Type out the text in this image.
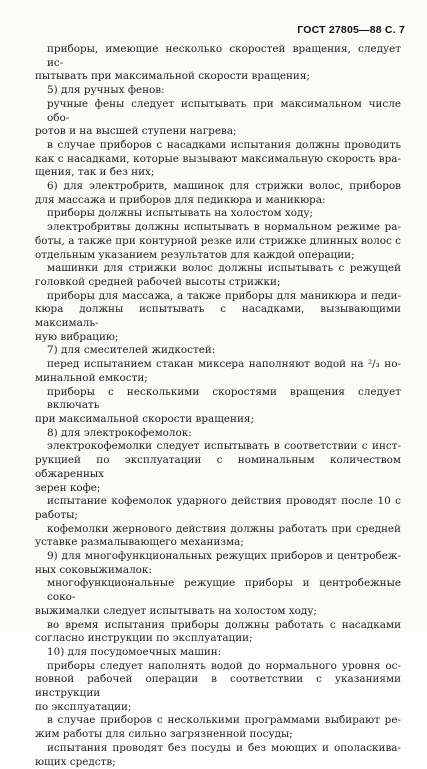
ГОСТ 27805—88 С. 7
приборы, имеющие несколько скоростей вращения, следует ис-
пытывать при максимальной скорости вращения;
5) для ручных фенов:
ручные фены следует испытывать при максимальном числе обо-
ротов и на высшей ступени нагрева;
в случае приборов с насадками испытания должны проводить
как с насадками, которые вызывают максимальную скорость вра-
щения, так и без них;
6) для электробритв, машинок для стрижки волос, приборов
для массажа и приборов для педикюра и маникюра:
приборы должны испытывать на холостом ходу;
электробритвы должны испытывать в нормальном режиме ра-
боты, а также при контурной резке или стрижке длинных волос с
отдельным указанием результатов для каждой операции;
машинки для стрижки волос должны испытывать с режущей
головкой средней рабочей высоты стрижки;
приборы для массажа, а также приборы для маникюра и педи-
кюра должны испытывать с насадками, вызывающими максималь-
ную вибрацию;
7) для смесителей жидкостей:
перед испытанием стакан миксера наполняют водой на ²/₃ но-
минальной емкости;
приборы с несколькими скоростями вращения следует включать
при максимальной скорости вращения;
8) для электрокофемолок:
электрокофемолки следует испытывать в соответствии с инст-
рукцией по эксплуатации с номинальным количеством обжаренных
зерен кофе;
испытание кофемолок ударного действия проводят после 10 с
работы;
кофемолки жернового действия должны работать при средней
уставке размалывающего механизма;
9) для многофункциональных режущих приборов и центробеж-
ных соковыжималок:
многофункциональные режущие приборы и центробежные соко-
выжималки следует испытывать на холостом ходу;
во время испытания приборы должны работать с насадками
согласно инструкции по эксплуатации;
10) для посудомоечных машин:
приборы следует наполнять водой до нормального уровня ос-
новной рабочей операции в соответствии с указаниями инструкции
по эксплуатации;
в случае приборов с несколькими программами выбирают ре-
жим работы для сильно загрязненной посуды;
испытания проводят без посуды и без моющих и ополаскива-
ющих средств;
